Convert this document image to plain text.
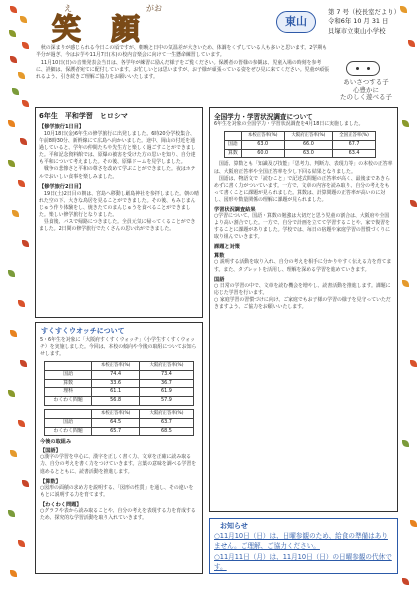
え	がお
笑顔	東山
第 7 号（校長室だより）
令和6年 10 月 31 日
貝塚市立東山小学校

秋の深まりが感じられる今日この頃ですが、朝晩と日中の気温差が大きいため、体調をくずしている人も多いと思います。2学期も半分が過ぎ、今はお芋や11月7日(木)の校内音楽会に向けて一生懸命練習しています。

11月10日(日)の音楽発表会当日は、各学年が練習に励んだ様子をご覧ください。保護者の皆様の参観は、児童入場の時刻を参考に、詳細は、保護者宛てに配付しています。お忙しいとは思いますが、お子様が頑張っている姿をぜひ見に来てください。児童が頑張れるよう、引き続きご理解ご協力をお願いいたします。

あいさつする子
心豊かに
たのしく遊べる子
6年生　平和学習　ヒロシマ
【修学旅行1日目】

10月18日(金)6年生の修学旅行に出発しました。6時20分学校集合、午前8時30分、新幹線にて広島へ向かいました。途中、岡山の付近を通過していると、学年の仲間たちや先生方と楽しく過ごすことができました。平和記念資料館では、原爆の被害を受けた方の思いを知り、自分達も平和について考えました。その後、原爆ドームを見学しました。

戦争の悲惨さと平和の尊さを改めて学ぶことができました。夜はホテルでおいしい食事を楽しみました。

【修学旅行2日目】

19日(土)2日目の朝は、宮島へ移動し厳島神社を参拝しました。朝の晴れた空の下、大きな鳥居を見ることができました。その後、もみじまんじゅう作り体験をし、焼きたてのまんじゅうを食べることができました。楽しい修学旅行となりました。

昼食後、バスで帰路につきました。全員元気に帰ってくることができました。2日間の修学旅行でたくさんの思い出ができました。

すくすくウオッチについて
5・6年生を対象に「大阪府すくすくウォッチ」（小学生すくすくウォッチ）を実施しました。今回は、本校の傾向や今後の取組についてお知らせします。
	本校正答率(%)	大阪府正答率(%)
国語	74.4	73.4
算数	33.6	36.7
理科	61.1	61.9
わくわく問題	56.8	57.9
	本校正答率(%)	大阪府正答率(%)
国語	64.5	63.7
わくわく問題	65.7	68.5
今後の取組み
【国語】
○漢字の学習を中心に、漢字を正しく書く力、文章を正確に読み取る力、自分の考えを書く力をつけていきます。言葉の意味を調べる学習を進めるとともに、読書活動を推進します。
【算数】
○図形の面積の求め方を説明する、「図形の性質」を通し、その違いをもとに説明する力を育てます。
【わくわく問題】
○グラフや表から読み取ることや、自分の考えを表現する力を育成するため、探究的な学習活動を取り入れていきます。
全国学力・学習状況調査について
6年生を対象の全国学力・学習状況調査を4月18日に実施しました。
	本校正答率(%)	大阪府正答率(%)	全国正答率(%)
国語	63.0	66.0	67.7
算数	60.0	63.0	63.4

国語、算数とも「知識及び技能」「思考力、判断力、表現力等」の本校の正答率は、大阪府正答率や全国正答率を少し下回る結果となりました。

国語は、物語文で「読むこと」で記述式問題の正答率が高く、最後まであきらめずに書く力がついています。一方で、文章の内容を読み取り、自分の考えをもって書くことに課題が見られました。算数は、計算問題の正答率が高いのに対し、図形や数量関係の理解に課題が見られました。

学習状況調査結果
○学習について、国語・算数の勉強は大切だと思う児童の割合は、大阪府や全国より高い割合でした。一方で、自分で計画を立てて学習することや、家で復習をすることに課題がありました。学校では、毎日の宿題や家庭学習の習慣づくりに取り組んでいきます。
課題と対策
算数
○ 説明する活動を取り入れ、自分の考えを相手に分かりやすく伝える力を育てます。また、タブレットを活用し、理解を深める学習を進めていきます。
国語
○ 日常の学習の中で、文章を読む機会を増やし、読書活動を推進します。課題に応じた学習を行います。
○ 家庭学習の習慣づけに向け、ご家庭でもお子様の学習の様子を見守っていただきますよう、ご協力をお願いいたします。
お知らせ
○11月10日（日）は、日曜参観のため、給食の準備はありません。ご理解、ご協力ください。
○11月11日（月）は、11月10日（日）の日曜参観の代休です。
